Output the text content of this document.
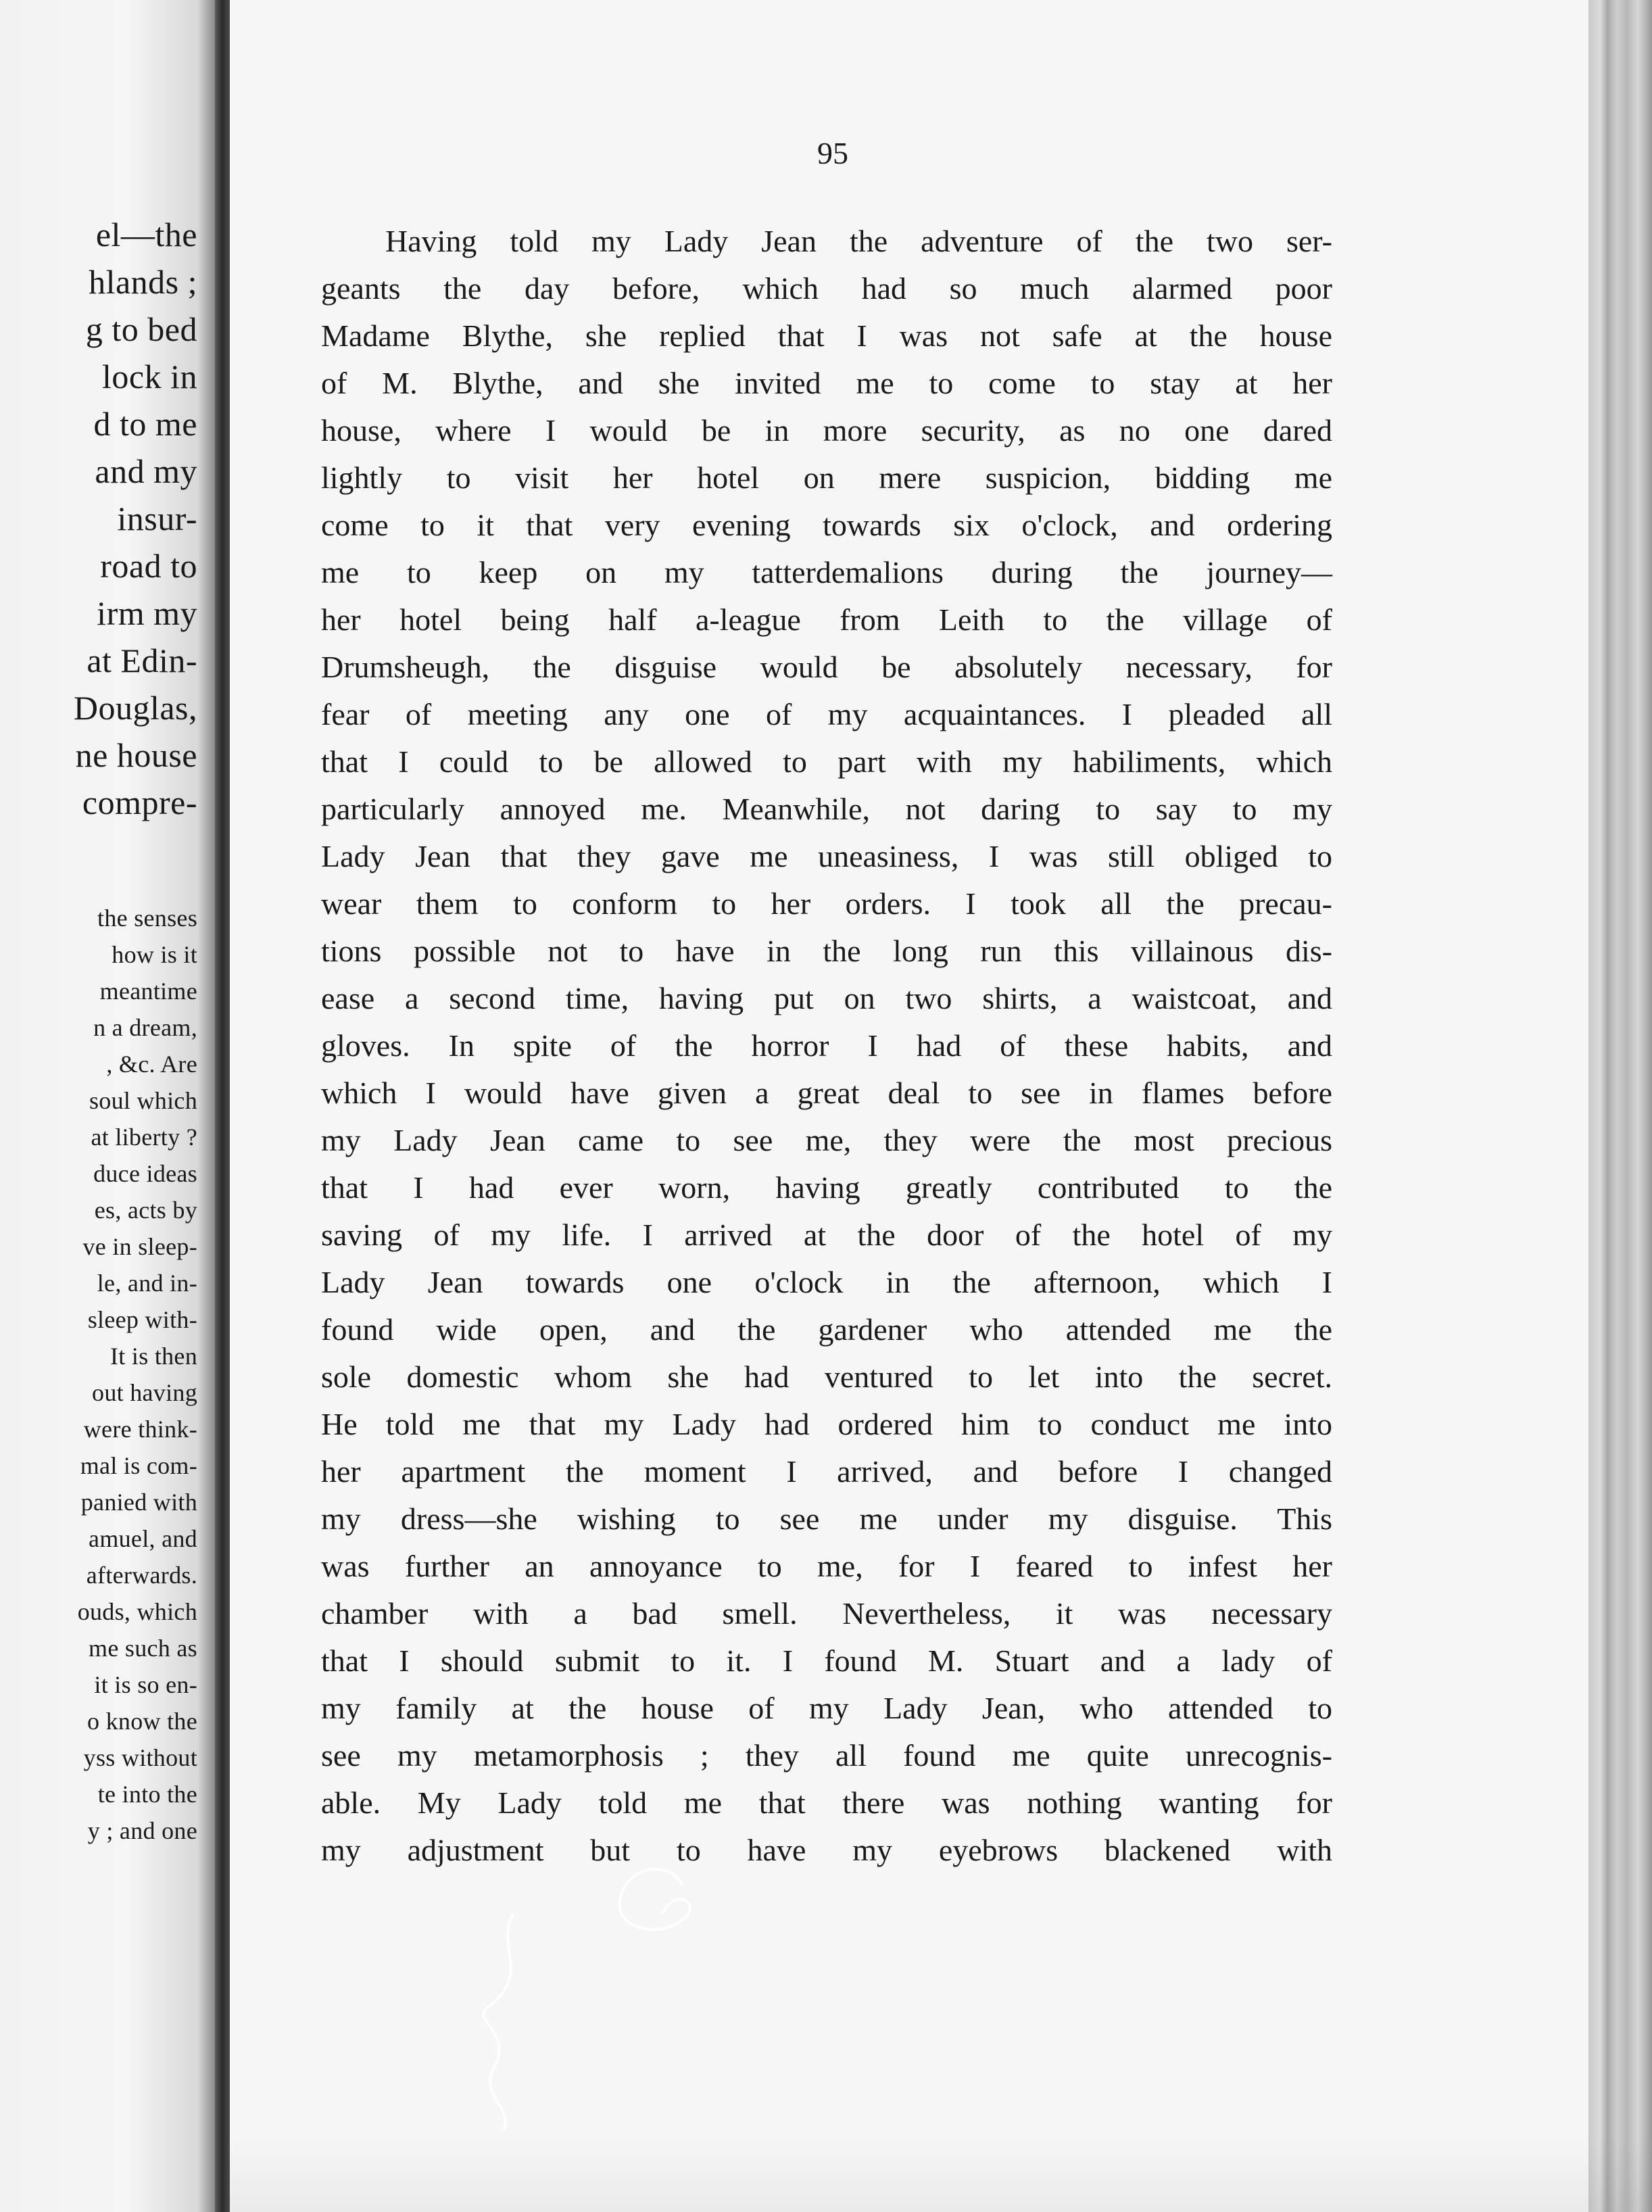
el—the
hlands ;
g to bed
lock in
d to me
and my
insur-
road to
irm my
at Edin-
Douglas,
ne house
compre-
the senses
how is it
meantime
n a dream,
, &c. Are
soul which
at liberty ?
duce ideas
es, acts by
ve in sleep-
le, and in-
sleep with-
It is then
out having
were think-
mal is com-
panied with
amuel, and
afterwards.
ouds, which
me such as
it is so en-
o know the
yss without
te into the
y ; and one
95
Having told my Lady Jean the adventure of the two ser-
geants the day before, which had so much alarmed poor
Madame Blythe, she replied that I was not safe at the house
of M. Blythe, and she invited me to come to stay at her
house, where I would be in more security, as no one dared
lightly to visit her hotel on mere suspicion, bidding me
come to it that very evening towards six o'clock, and ordering
me to keep on my tatterdemalions during the journey—
her hotel being half a-league from Leith to the village of
Drumsheugh, the disguise would be absolutely necessary, for
fear of meeting any one of my acquaintances. I pleaded all
that I could to be allowed to part with my habiliments, which
particularly annoyed me. Meanwhile, not daring to say to my
Lady Jean that they gave me uneasiness, I was still obliged to
wear them to conform to her orders. I took all the precau-
tions possible not to have in the long run this villainous dis-
ease a second time, having put on two shirts, a waistcoat, and
gloves. In spite of the horror I had of these habits, and
which I would have given a great deal to see in flames before
my Lady Jean came to see me, they were the most precious
that I had ever worn, having greatly contributed to the
saving of my life. I arrived at the door of the hotel of my
Lady Jean towards one o'clock in the afternoon, which I
found wide open, and the gardener who attended me the
sole domestic whom she had ventured to let into the secret.
He told me that my Lady had ordered him to conduct me into
her apartment the moment I arrived, and before I changed
my dress—she wishing to see me under my disguise. This
was further an annoyance to me, for I feared to infest her
chamber with a bad smell. Nevertheless, it was necessary
that I should submit to it. I found M. Stuart and a lady of
my family at the house of my Lady Jean, who attended to
see my metamorphosis ; they all found me quite unrecognis-
able. My Lady told me that there was nothing wanting for
my adjustment but to have my eyebrows blackened with
